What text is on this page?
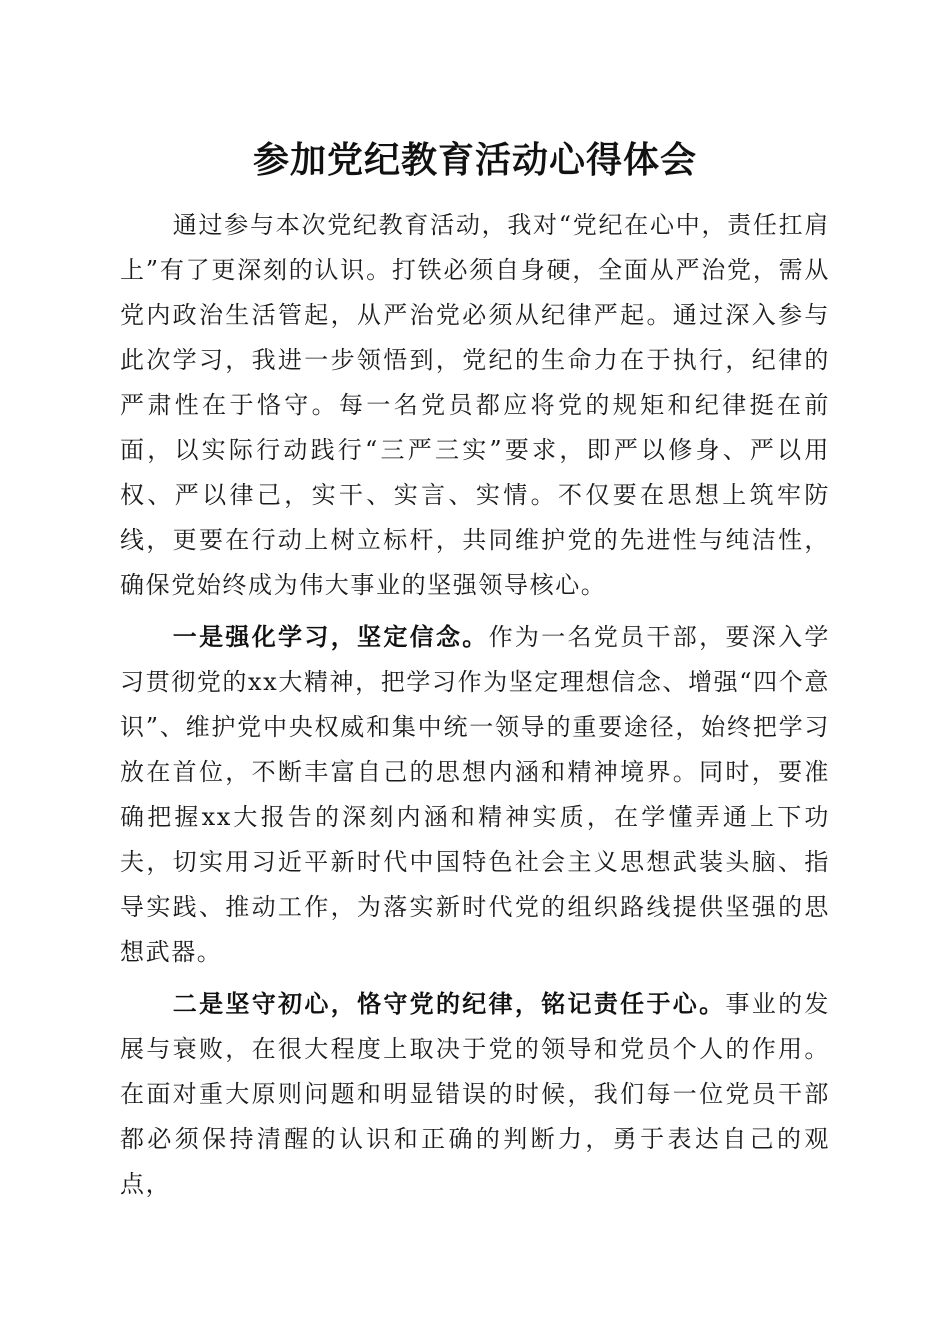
参加党纪教育活动心得体会

通过参与本次党纪教育活动，我对“党纪在心中，责任扛肩上”有了更深刻的认识。打铁必须自身硬，全面从严治党，需从党内政治生活管起，从严治党必须从纪律严起。通过深入参与此次学习，我进一步领悟到，党纪的生命力在于执行，纪律的严肃性在于恪守。每一名党员都应将党的规矩和纪律挺在前面，以实际行动践行“三严三实”要求，即严以修身、严以用权、严以律己，实干、实言、实情。不仅要在思想上筑牢防线，更要在行动上树立标杆，共同维护党的先进性与纯洁性，确保党始终成为伟大事业的坚强领导核心。

一是强化学习，坚定信念。作为一名党员干部，要深入学习贯彻党的xx大精神，把学习作为坚定理想信念、增强“四个意识”、维护党中央权威和集中统一领导的重要途径，始终把学习放在首位，不断丰富自己的思想内涵和精神境界。同时，要准确把握xx大报告的深刻内涵和精神实质，在学懂弄通上下功夫，切实用习近平新时代中国特色社会主义思想武装头脑、指导实践、推动工作，为落实新时代党的组织路线提供坚强的思想武器。

二是坚守初心，恪守党的纪律，铭记责任于心。事业的发展与衰败，在很大程度上取决于党的领导和党员个人的作用。在面对重大原则问题和明显错误的时候，我们每一位党员干部都必须保持清醒的认识和正确的判断力，勇于表达自己的观点，
